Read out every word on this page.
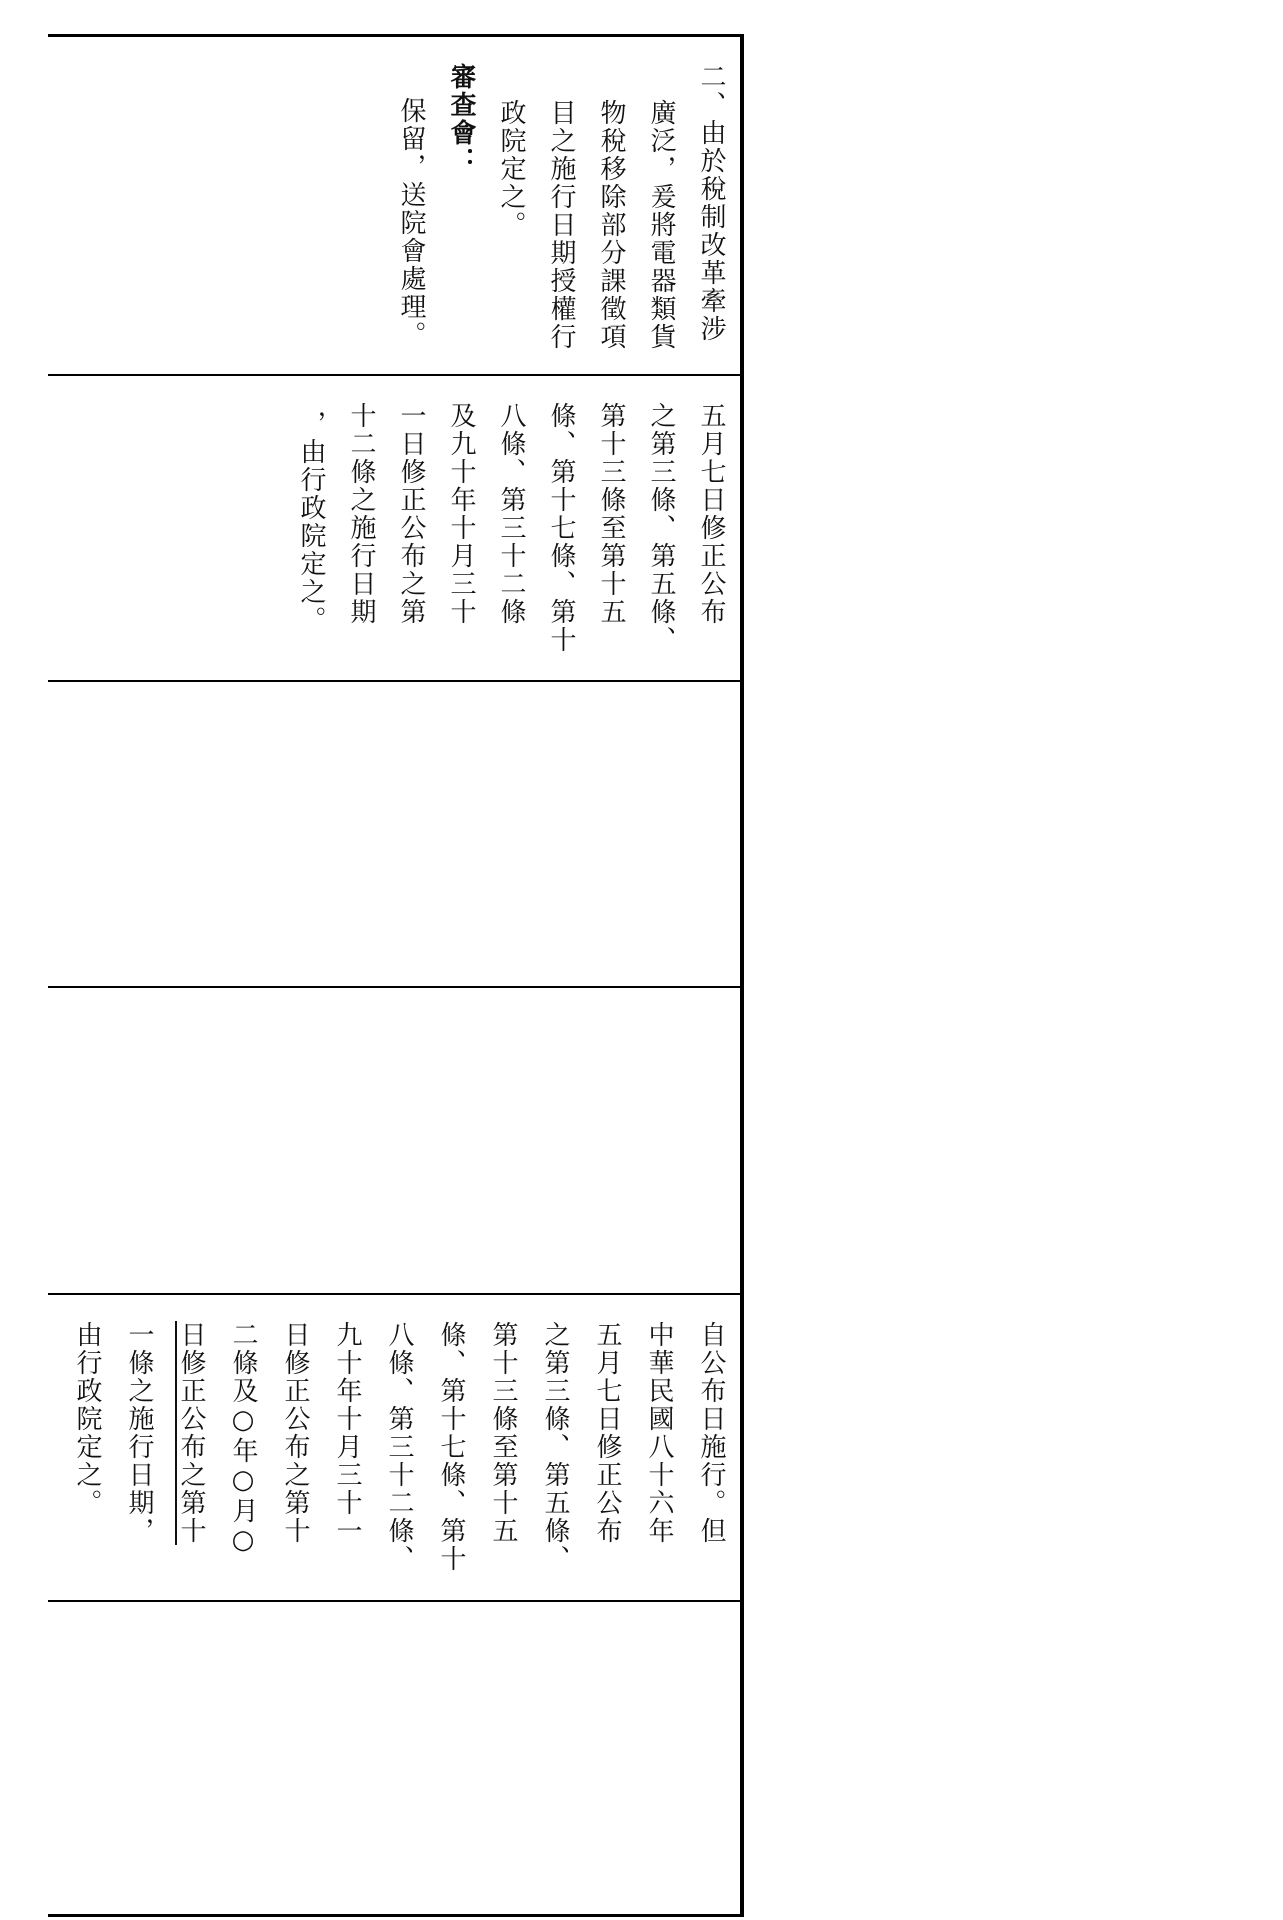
二、由於稅制改革牽涉
廣泛，爰將電器類貨
物稅移除部分課徵項
目之施行日期授權行
政院定之。
審查會：
保留，送院會處理。
五月七日修正公布
之第三條、第五條、
第十三條至第十五
條、第十七條、第十
八條、第三十二條
及九十年十月三十
一日修正公布之第
十二條之施行日期
，由行政院定之。
自公布日施行。但
中華民國八十六年
五月七日修正公布
之第三條、第五條、
第十三條至第十五
條、第十七條、第十
八條、第三十二條、
九十年十月三十一
日修正公布之第十
二條及○年○月○
日修正公布之第十
一條之施行日期，
由行政院定之。
